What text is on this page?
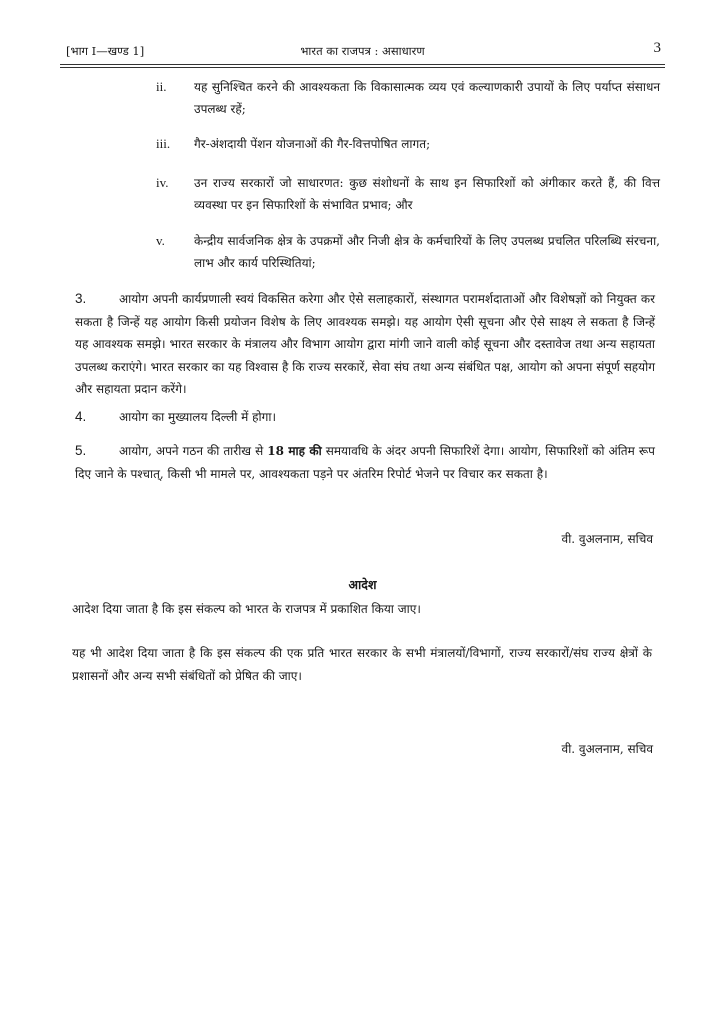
[भाग I—खण्ड 1]	भारत का राजपत्र : असाधारण	3
ii.	यह सुनिश्चित करने की आवश्यकता कि विकासात्मक व्यय एवं कल्याणकारी उपायों के लिए पर्याप्त संसाधन उपलब्ध रहें;
iii.	गैर-अंशदायी पेंशन योजनाओं की गैर-वित्तपोषित लागत;
iv.	उन राज्य सरकारों जो साधारणत: कुछ संशोधनों के साथ इन सिफारिशों को अंगीकार करते हैं, की वित्त व्यवस्था पर इन सिफारिशों के संभावित प्रभाव; और
v.	केन्द्रीय सार्वजनिक क्षेत्र के उपक्रमों और निजी क्षेत्र के कर्मचारियों के लिए उपलब्ध प्रचलित परिलब्धि संरचना, लाभ और कार्य परिस्थितियां;
3.	आयोग अपनी कार्यप्रणाली स्वयं विकसित करेगा और ऐसे सलाहकारों, संस्थागत परामर्शदाताओं और विशेषज्ञों को नियुक्त कर सकता है जिन्हें यह आयोग किसी प्रयोजन विशेष के लिए आवश्यक समझे। यह आयोग ऐसी सूचना और ऐसे साक्ष्य ले सकता है जिन्हें यह आवश्यक समझे। भारत सरकार के मंत्रालय और विभाग आयोग द्वारा मांगी जाने वाली कोई सूचना और दस्तावेज तथा अन्य सहायता उपलब्ध कराएंगे। भारत सरकार का यह विश्वास है कि राज्य सरकारें, सेवा संघ तथा अन्य संबंधित पक्ष, आयोग को अपना संपूर्ण सहयोग और सहायता प्रदान करेंगे।
4.	आयोग का मुख्यालय दिल्ली में होगा।
5.	आयोग, अपने गठन की तारीख से 18 माह की समयावधि के अंदर अपनी सिफारिशें देगा। आयोग, सिफारिशों को अंतिम रूप दिए जाने के पश्चात्, किसी भी मामले पर, आवश्यकता पड़ने पर अंतरिम रिपोर्ट भेजने पर विचार कर सकता है।
वी. वुअलनाम, सचिव
आदेश
आदेश दिया जाता है कि इस संकल्प को भारत के राजपत्र में प्रकाशित किया जाए।
यह भी आदेश दिया जाता है कि इस संकल्प की एक प्रति भारत सरकार के सभी मंत्रालयों/विभागों, राज्य सरकारों/संघ राज्य क्षेत्रों के प्रशासनों और अन्य सभी संबंधितों को प्रेषित की जाए।
वी. वुअलनाम, सचिव
